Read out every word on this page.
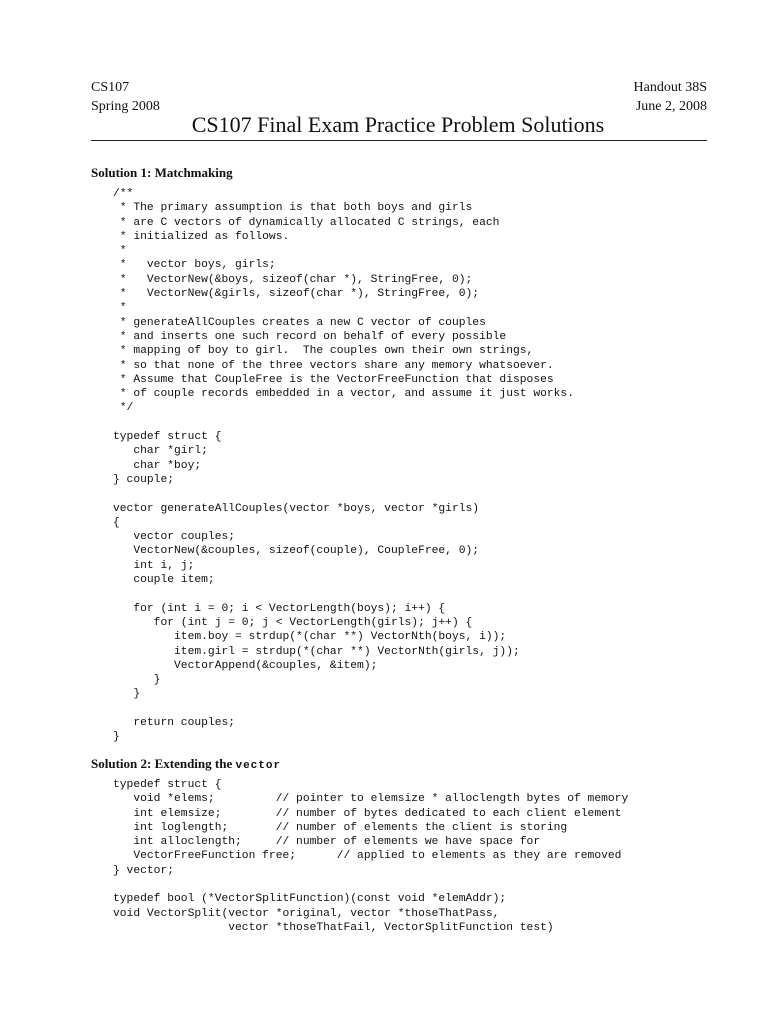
CS107
Spring 2008
Handout 38S
June 2, 2008
CS107 Final Exam Practice Problem Solutions
Solution 1: Matchmaking
/**
* The primary assumption is that both boys and girls
* are C vectors of dynamically allocated C strings, each
* initialized as follows.
*
*   vector boys, girls;
*   VectorNew(&boys, sizeof(char *), StringFree, 0);
*   VectorNew(&girls, sizeof(char *), StringFree, 0);
*
* generateAllCouples creates a new C vector of couples
* and inserts one such record on behalf of every possible
* mapping of boy to girl.  The couples own their own strings,
* so that none of the three vectors share any memory whatsoever.
* Assume that CoupleFree is the VectorFreeFunction that disposes
* of couple records embedded in a vector, and assume it just works.
*/

typedef struct {
char *girl;
char *boy;
} couple;

vector generateAllCouples(vector *boys, vector *girls)
{
vector couples;
VectorNew(&couples, sizeof(couple), CoupleFree, 0);
int i, j;
couple item;

for (int i = 0; i < VectorLength(boys); i++) {
for (int j = 0; j < VectorLength(girls); j++) {
item.boy = strdup(*(char **) VectorNth(boys, i));
item.girl = strdup(*(char **) VectorNth(girls, j));
VectorAppend(&couples, &item);
}
}

return couples;
}
Solution 2: Extending the vector
typedef struct {
void *elems;         // pointer to elemsize * alloclength bytes of memory
int elemsize;        // number of bytes dedicated to each client element
int loglength;       // number of elements the client is storing
int alloclength;     // number of elements we have space for
VectorFreeFunction free;      // applied to elements as they are removed
} vector;

typedef bool (*VectorSplitFunction)(const void *elemAddr);
void VectorSplit(vector *original, vector *thoseThatPass,
vector *thoseThatFail, VectorSplitFunction test)
